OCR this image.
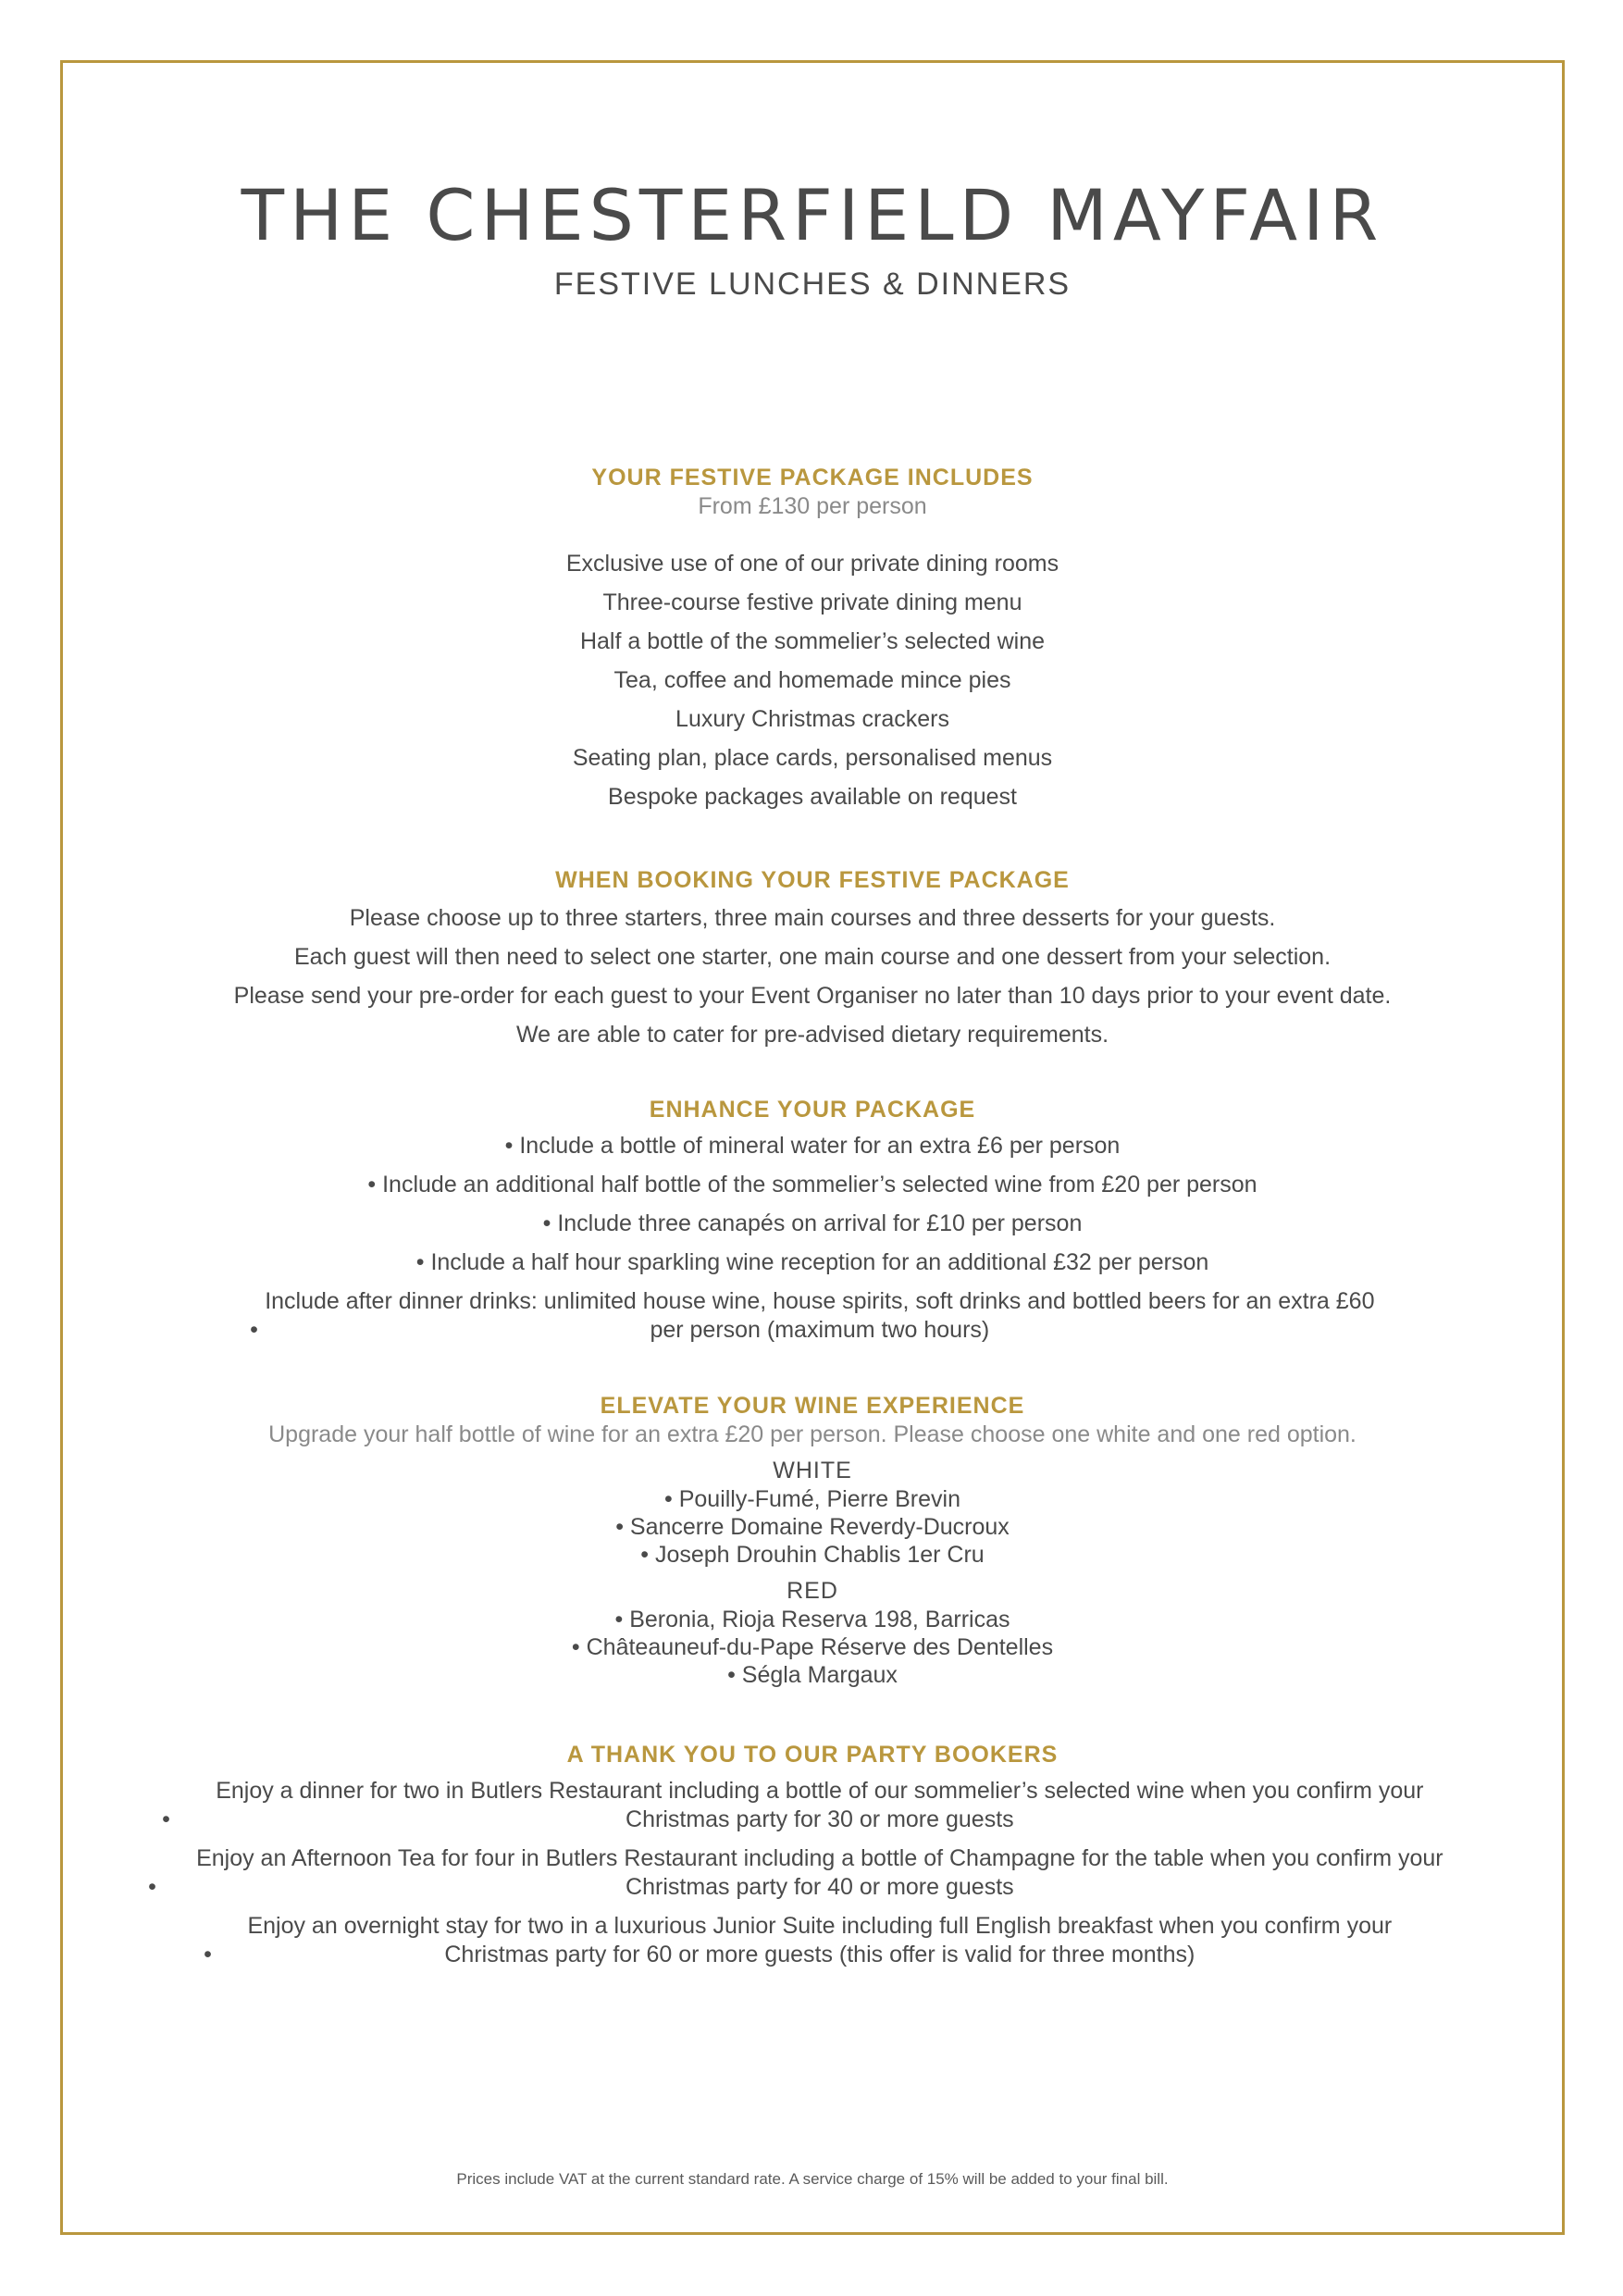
THE CHESTERFIELD MAYFAIR

FESTIVE LUNCHES & DINNERS

YOUR FESTIVE PACKAGE INCLUDES

From £130 per person

Exclusive use of one of our private dining rooms
Three-course festive private dining menu
Half a bottle of the sommelier’s selected wine
Tea, coffee and homemade mince pies
Luxury Christmas crackers
Seating plan, place cards, personalised menus
Bespoke packages available on request

WHEN BOOKING YOUR FESTIVE PACKAGE

Please choose up to three starters, three main courses and three desserts for your guests.
Each guest will then need to select one starter, one main course and one dessert from your selection.
Please send your pre-order for each guest to your Event Organiser no later than 10 days prior to your event date.
We are able to cater for pre-advised dietary requirements.

ENHANCE YOUR PACKAGE

• Include a bottle of mineral water for an extra £6 per person
• Include an additional half bottle of the sommelier’s selected wine from £20 per person
• Include three canapés on arrival for £10 per person
• Include a half hour sparkling wine reception for an additional £32 per person
• Include after dinner drinks: unlimited house wine, house spirits, soft drinks and bottled beers for an extra £60 per person (maximum two hours)

ELEVATE YOUR WINE EXPERIENCE

Upgrade your half bottle of wine for an extra £20 per person. Please choose one white and one red option.

WHITE

• Pouilly-Fumé, Pierre Brevin
• Sancerre Domaine Reverdy-Ducroux
• Joseph Drouhin Chablis 1er Cru

RED

• Beronia, Rioja Reserva 198, Barricas
• Châteauneuf-du-Pape Réserve des Dentelles
• Ségla Margaux

A THANK YOU TO OUR PARTY BOOKERS

• Enjoy a dinner for two in Butlers Restaurant including a bottle of our sommelier’s selected wine when you confirm your Christmas party for 30 or more guests
• Enjoy an Afternoon Tea for four in Butlers Restaurant including a bottle of Champagne for the table when you confirm your Christmas party for 40 or more guests
• Enjoy an overnight stay for two in a luxurious Junior Suite including full English breakfast when you confirm your Christmas party for 60 or more guests (this offer is valid for three months)

Prices include VAT at the current standard rate. A service charge of 15% will be added to your final bill.
